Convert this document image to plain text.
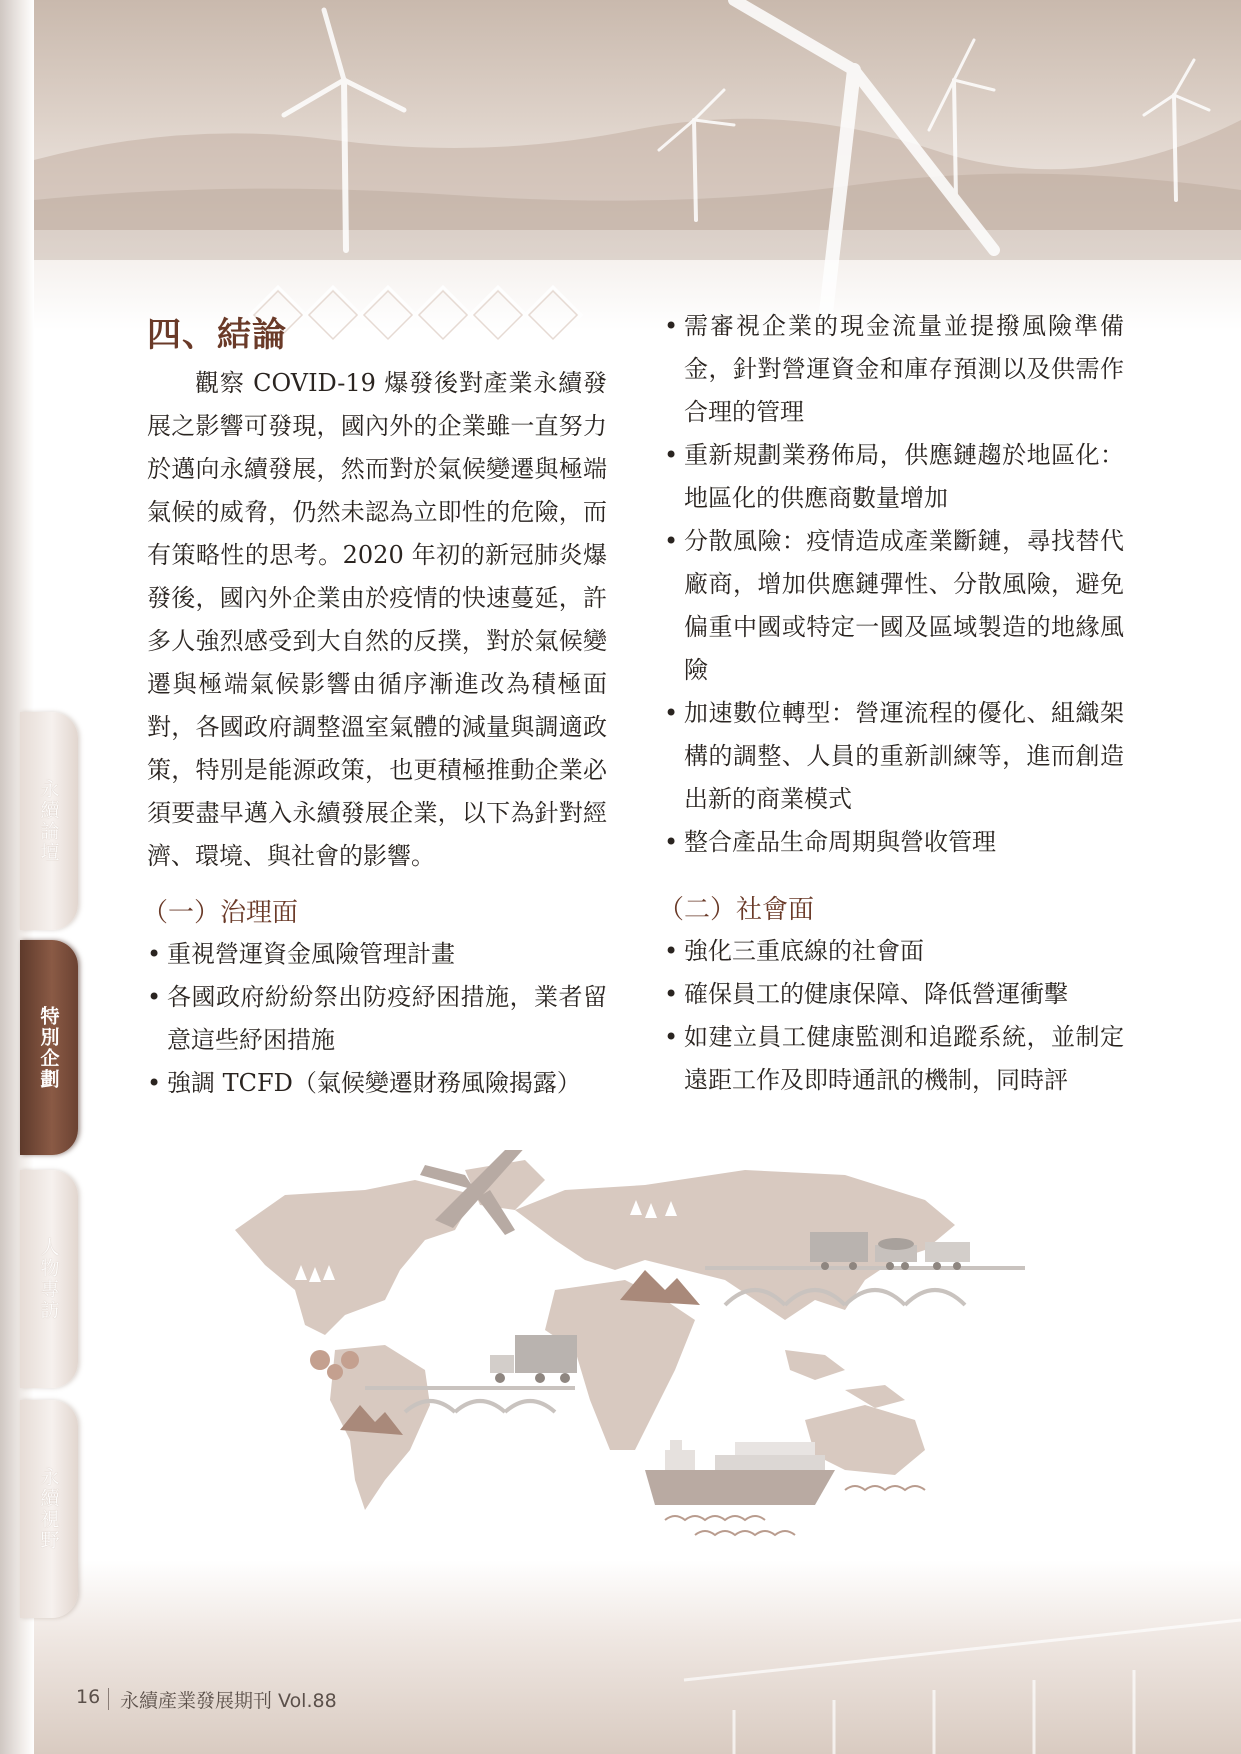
永續論壇
特別企劃
人物專訪
永續視野
四、結論

觀察 COVID-19 爆發後對產業永續發展之影響可發現，國內外的企業雖一直努力於邁向永續發展，然而對於氣候變遷與極端氣候的威脅，仍然未認為立即性的危險，而有策略性的思考。2020 年初的新冠肺炎爆發後，國內外企業由於疫情的快速蔓延，許多人強烈感受到大自然的反撲，對於氣候變遷與極端氣候影響由循序漸進改為積極面對，各國政府調整溫室氣體的減量與調適政策，特別是能源政策，也更積極推動企業必須要盡早邁入永續發展企業，以下為針對經濟、環境、與社會的影響。

（一）治理面
• 重視營運資金風險管理計畫
• 各國政府紛紛祭出防疫紓困措施，業者留意這些紓困措施
• 強調 TCFD（氣候變遷財務風險揭露）
• 需審視企業的現金流量並提撥風險準備金，針對營運資金和庫存預測以及供需作合理的管理
• 重新規劃業務佈局，供應鏈趨於地區化：地區化的供應商數量增加
• 分散風險：疫情造成產業斷鏈，尋找替代廠商，增加供應鏈彈性、分散風險，避免偏重中國或特定一國及區域製造的地緣風險
• 加速數位轉型：營運流程的優化、組織架構的調整、人員的重新訓練等，進而創造出新的商業模式
• 整合產品生命周期與營收管理
（二）社會面
• 強化三重底線的社會面
• 確保員工的健康保障、降低營運衝擊
• 如建立員工健康監測和追蹤系統，並制定遠距工作及即時通訊的機制，同時評
16 永續產業發展期刊 Vol.88
